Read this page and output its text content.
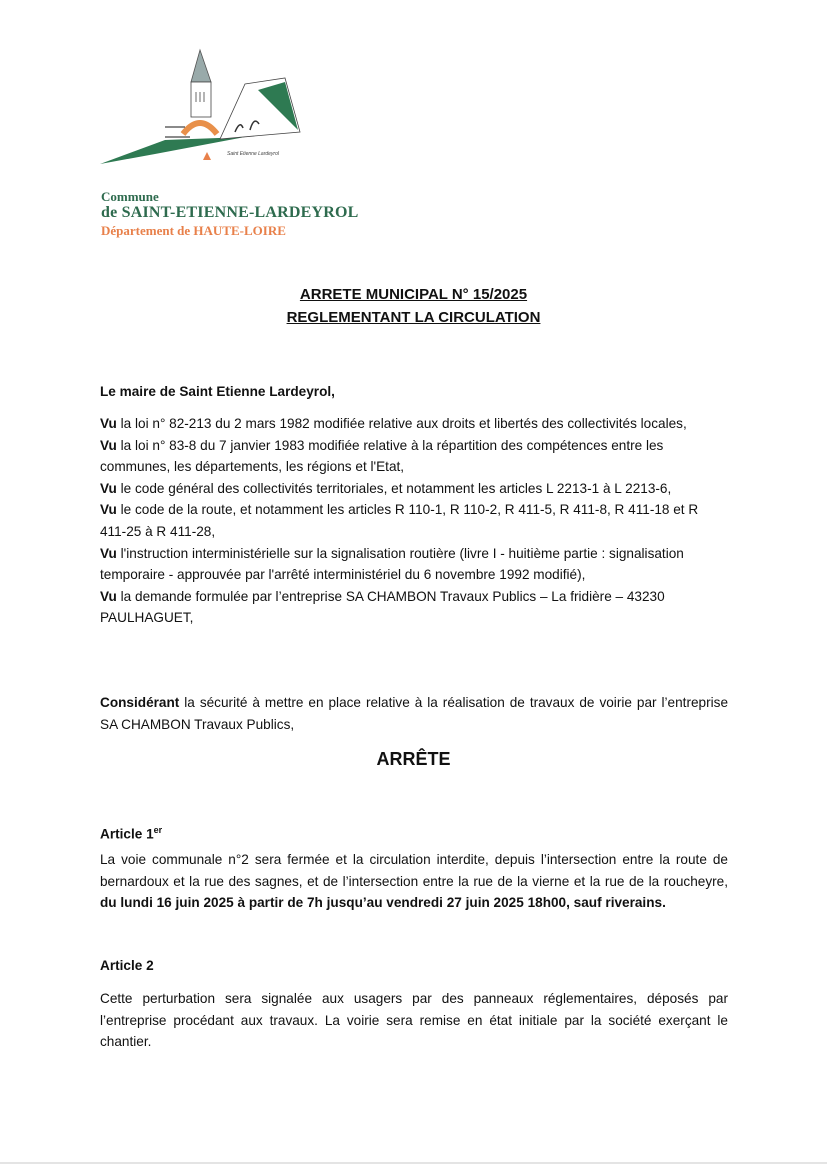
Saint Etienne Lardeyrol
Commune
de SAINT-ETIENNE-LARDEYROL
Département de HAUTE-LOIRE
ARRETE MUNICIPAL N° 15/2025
REGLEMENTANT LA CIRCULATION
Le maire de Saint Etienne Lardeyrol,

Vu la loi n° 82-213 du 2 mars 1982 modifiée relative aux droits et libertés des collectivités locales,

Vu la loi n° 83-8 du 7 janvier 1983 modifiée relative à la répartition des compétences entre les communes, les départements, les régions et l'Etat,

Vu le code général des collectivités territoriales, et notamment les articles L 2213-1 à L 2213-6,

Vu le code de la route, et notamment les articles R 110-1, R 110-2, R 411-5, R 411-8, R 411-18 et R 411-25 à R 411-28,

Vu l'instruction interministérielle sur la signalisation routière (livre I - huitième partie : signalisation temporaire - approuvée par l'arrêté interministériel du 6 novembre 1992 modifié),

Vu la demande formulée par l’entreprise SA CHAMBON Travaux Publics – La fridière – 43230 PAULHAGUET,

Considérant la sécurité à mettre en place relative à la réalisation de travaux de voirie par l’entreprise SA CHAMBON Travaux Publics,

ARRÊTE
Article 1er

La voie communale n°2 sera fermée et la circulation interdite, depuis l’intersection entre la route de bernardoux et la rue des sagnes, et de l’intersection entre la rue de la vierne et la rue de la roucheyre, du lundi 16 juin 2025 à partir de 7h jusqu’au vendredi 27 juin 2025 18h00, sauf riverains.

Article 2

Cette perturbation sera signalée aux usagers par des panneaux réglementaires, déposés par l’entreprise procédant aux travaux. La voirie sera remise en état initiale par la société exerçant le chantier.
